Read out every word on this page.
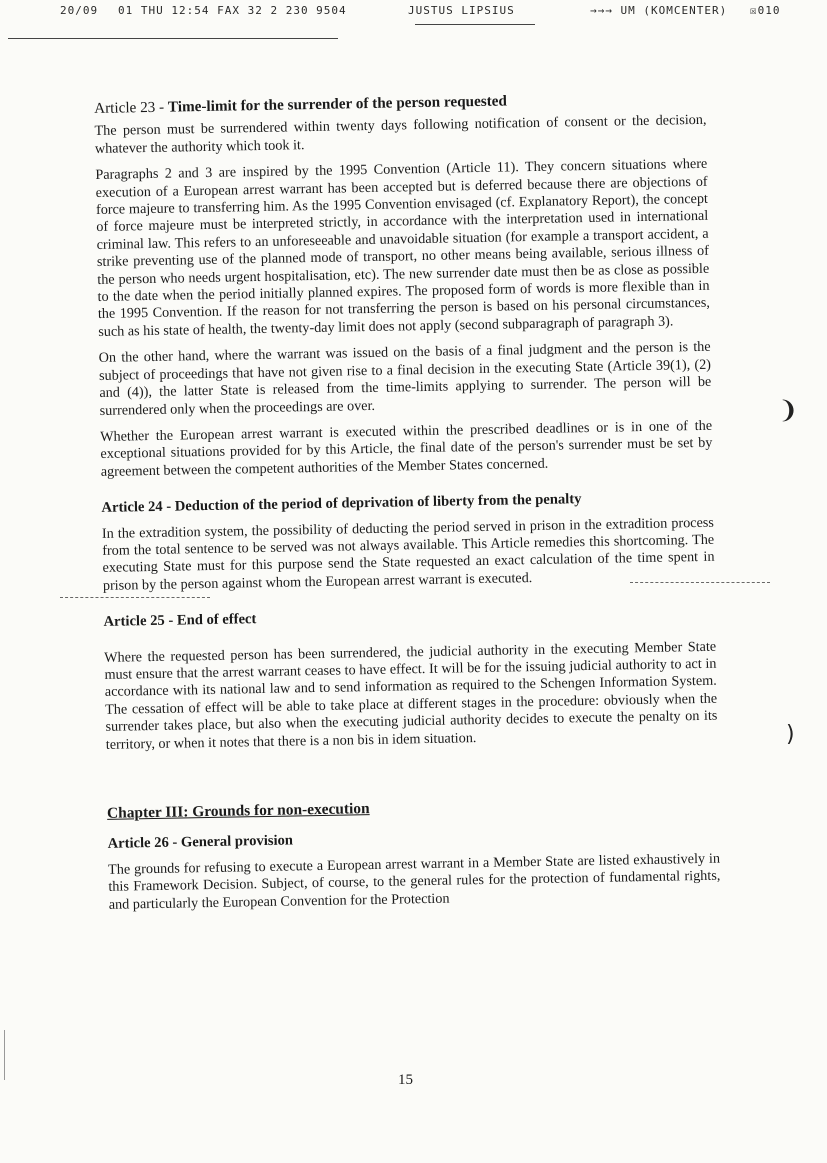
20/09 01 THU 12:54 FAX 32 2 230 9504	JUSTUS LIPSIUS	→→→ UM (KOMCENTER) ☒010
Article 23 - Time-limit for the surrender of the person requested

The person must be surrendered within twenty days following notification of consent or the decision, whatever the authority which took it.

Paragraphs 2 and 3 are inspired by the 1995 Convention (Article 11). They concern situations where execution of a European arrest warrant has been accepted but is deferred because there are objections of force majeure to transferring him. As the 1995 Convention envisaged (cf. Explanatory Report), the concept of force majeure must be interpreted strictly, in accordance with the interpretation used in international criminal law. This refers to an unforeseeable and unavoidable situation (for example a transport accident, a strike preventing use of the planned mode of transport, no other means being available, serious illness of the person who needs urgent hospitalisation, etc). The new surrender date must then be as close as possible to the date when the period initially planned expires. The proposed form of words is more flexible than in the 1995 Convention. If the reason for not transferring the person is based on his personal circumstances, such as his state of health, the twenty-day limit does not apply (second subparagraph of paragraph 3).

On the other hand, where the warrant was issued on the basis of a final judgment and the person is the subject of proceedings that have not given rise to a final decision in the executing State (Article 39(1), (2) and (4)), the latter State is released from the time-limits applying to surrender. The person will be surrendered only when the proceedings are over.

Whether the European arrest warrant is executed within the prescribed deadlines or is in one of the exceptional situations provided for by this Article, the final date of the person's surrender must be set by agreement between the competent authorities of the Member States concerned.

Article 24 - Deduction of the period of deprivation of liberty from the penalty

In the extradition system, the possibility of deducting the period served in prison in the extradition process from the total sentence to be served was not always available. This Article remedies this shortcoming. The executing State must for this purpose send the State requested an exact calculation of the time spent in prison by the person against whom the European arrest warrant is executed.

Article 25 - End of effect

Where the requested person has been surrendered, the judicial authority in the executing Member State must ensure that the arrest warrant ceases to have effect. It will be for the issuing judicial authority to act in accordance with its national law and to send information as required to the Schengen Information System. The cessation of effect will be able to take place at different stages in the procedure: obviously when the surrender takes place, but also when the executing judicial authority decides to execute the penalty on its territory, or when it notes that there is a non bis in idem situation.

Chapter III: Grounds for non-execution
Article 26 - General provision

The grounds for refusing to execute a European arrest warrant in a Member State are listed exhaustively in this Framework Decision. Subject, of course, to the general rules for the protection of fundamental rights, and particularly the European Convention for the Protection

❩
)
15
